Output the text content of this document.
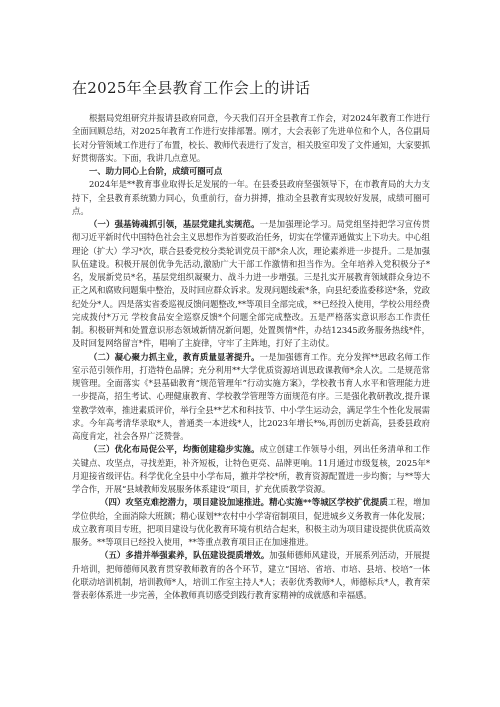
在2025年全县教育工作会上的讲话

根据局党组研究并报请县政府同意，今天我们召开全县教育工作会，对2024年教育工作进行全面回顾总结，对2025年教育工作进行安排部署。刚才，大会表彰了先进单位和个人，各位副局长对分管领域工作进行了布置，校长、教师代表进行了发言，相关股室印发了文件通知，大家要抓好贯彻落实。下面，我讲几点意见。

一、助力同心上台阶，成绩可圈可点

2024年是**教育事业取得长足发展的一年。在县委县政府坚强领导下，在市教育局的大力支持下，全县教育系统勠力同心，负重前行，奋力拼搏，推动全县教育实现较好发展，成绩可圈可点。

（一）强基铸魂抓引领，基层党建扎实规范。一是加强理论学习。局党组坚持把学习宣传贯彻习近平新时代中国特色社会主义思想作为首要政治任务，切实在学懂弄通做实上下功夫。中心组理论（扩大）学习*次，联合县委党校分类轮训党员干部*余人次，理论素养进一步提升。二是加强队伍建设。积极开展创优争先活动,激励广大干部工作激情和担当作为。全年培养入党积极分子*名，发展新党员*名，基层党组织凝聚力、战斗力进一步增强。三是扎实开展教育领域群众身边不正之风和腐败问题集中整治，及时回应群众诉求。发现问题线索*条，向县纪委监委移送*条，党政纪处分*人。四是落实省委巡视反馈问题整改,**等项目全部完成，**已经投入使用，学校公用经费完成拨付*万元 学校食品安全巡察反馈*个问题全部完成整改。五是严格落实意识形态工作责任制。积极研判和处置意识形态领域新情况新问题，处置舆情*件，办结12345政务服务热线*件，及时回复网络留言*件，唱响了主旋律，守牢了主阵地，打好了主动仗。

（二）凝心聚力抓主业，教育质量显著提升。一是加强德育工作。充分发挥**思政名师工作室示范引领作用，打造特色品牌；充分利用**大学优质资源培训思政课教师*余人次。二是规范常规管理。全面落实《*县基础教育“规范管理年”行动实施方案》，学校教书育人水平和管理能力进一步提高，招生考试、心理健康教育、学校教学管理等方面规范有序。三是强化教研教改,提升课堂教学效率，推进素质评价，举行全县**艺术和科技节、中小学生运动会，满足学生个性化发展需求。今年高考清华录取*人，普通类一本进线*人，比2023年增长*%,再创历史新高，县委县政府高度肯定，社会各界广泛赞誉。

（三）优化布局促公平，均衡创建稳步实施。成立创建工作领导小组，列出任务清单和工作关键点、攻坚点，寻找差距，补齐短板，让特色更亮、品牌更响。11月通过市级复核，2025年*月迎接省级评估。科学优化全县中小学布局，撤并学校*所，教育资源配置进一步均衡；与**等大学合作，开展“县域教师发展服务体系建设”项目，扩充优质教学资源。

（四）攻坚克难挖潜力，项目建设加速推进。精心实施**等城区学校扩优提质工程，增加学位供给，全面消除大班额；精心谋划**农村中小学寄宿制项目，促进城乡义务教育一体化发展；成立教育项目专班，把项目建设与优化教育环境有机结合起来，积极主动为项目建设提供优质高效服务。**等项目已经投入使用，**等重点教育项目正在加速推进。

（五）多措并举强素养，队伍建设提质增效。加强师德师风建设，开展系列活动，开展提升培训，把师德师风教育贯穿教师教育的各个环节，建立“国培、省培、市培、县培、校培”一体化联动培训机制，培训教师*人，培训工作室主持人*人；表彰优秀教师*人，师德标兵*人，教育荣誉表彰体系进一步完善，全体教师真切感受到践行教育家精神的成就感和幸福感。
